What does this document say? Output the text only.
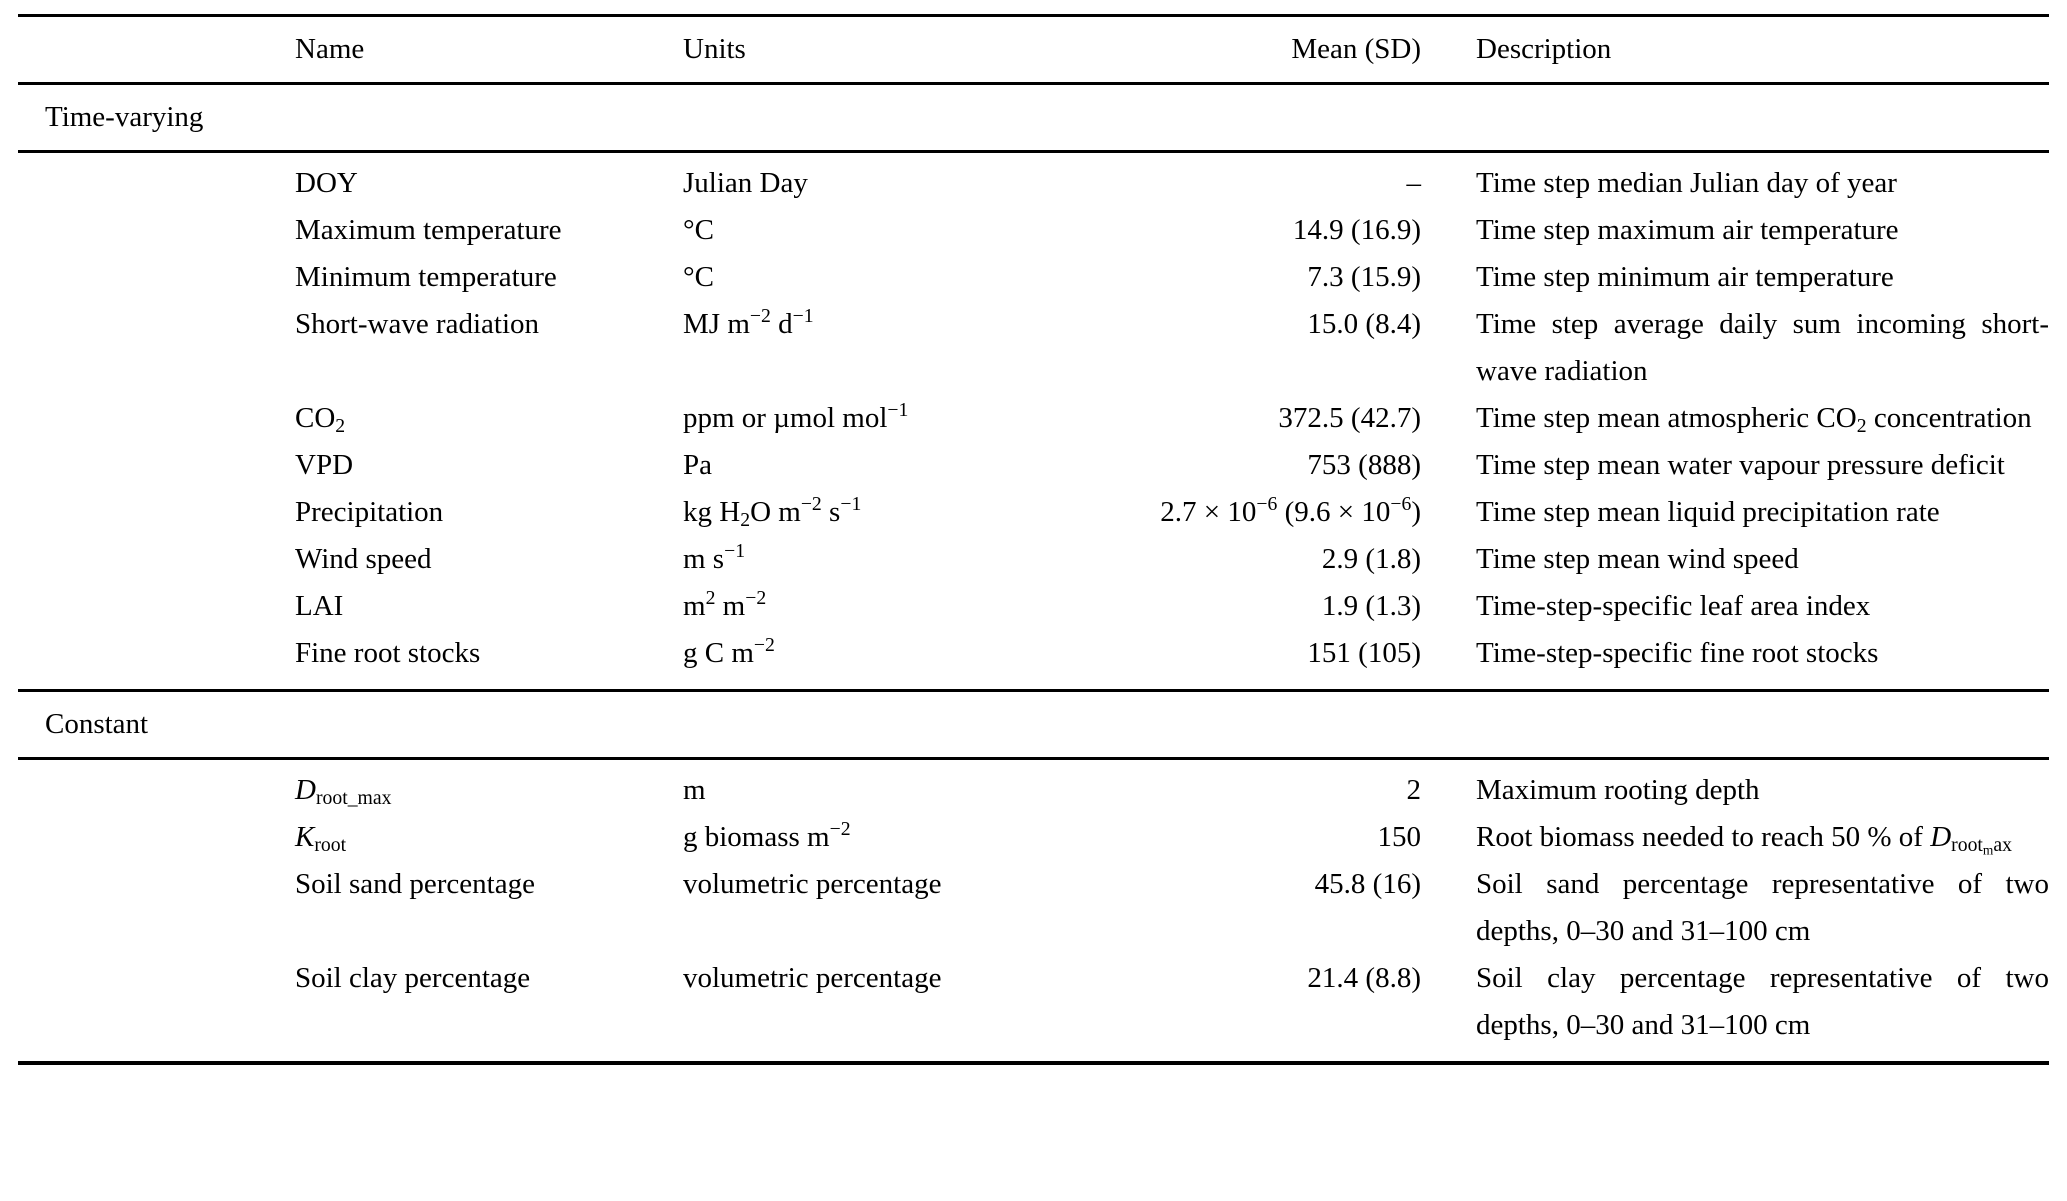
	Name	Units	Mean (SD)	Description
Time-varying				
	DOY	Julian Day	–	Time step median Julian day of year
	Maximum temperature	°C	14.9 (16.9)	Time step maximum air temperature
	Minimum temperature	°C	7.3 (15.9)	Time step minimum air temperature
	Short-wave radiation	MJ $m^{-2}$ $d^{-1}$	15.0 (8.4)	Time step average daily sum incoming short-wave radiation
	$CO_2$	ppm or µmol mol$^{-1}$	372.5 (42.7)	Time step mean atmospheric $CO_2$ concentration
	VPD	Pa	753 (888)	Time step mean water vapour pressure deficit
	Precipitation	kg $H_2O$ $m^{-2}$ $s^{-1}$	$2.7 \times 10^{-6}$ $(9.6 \times 10^{-6})$	Time step mean liquid precipitation rate
	Wind speed	m $s^{-1}$	2.9 (1.8)	Time step mean wind speed
	LAI	$m^2$ $m^{-2}$	1.9 (1.3)	Time-step-specific leaf area index
	Fine root stocks	g C $m^{-2}$	151 (105)	Time-step-specific fine root stocks
Constant				
	$D_{root\_max}$	m	2	Maximum rooting depth
	$K_{root}$	g biomass $m^{-2}$	150	Root biomass needed to reach 50 % of $D_{root_max}$
	Soil sand percentage	volumetric percentage	45.8 (16)	Soil sand percentage representative of two depths, 0–30 and 31–100 cm
	Soil clay percentage	volumetric percentage	21.4 (8.8)	Soil clay percentage representative of two depths, 0–30 and 31–100 cm
